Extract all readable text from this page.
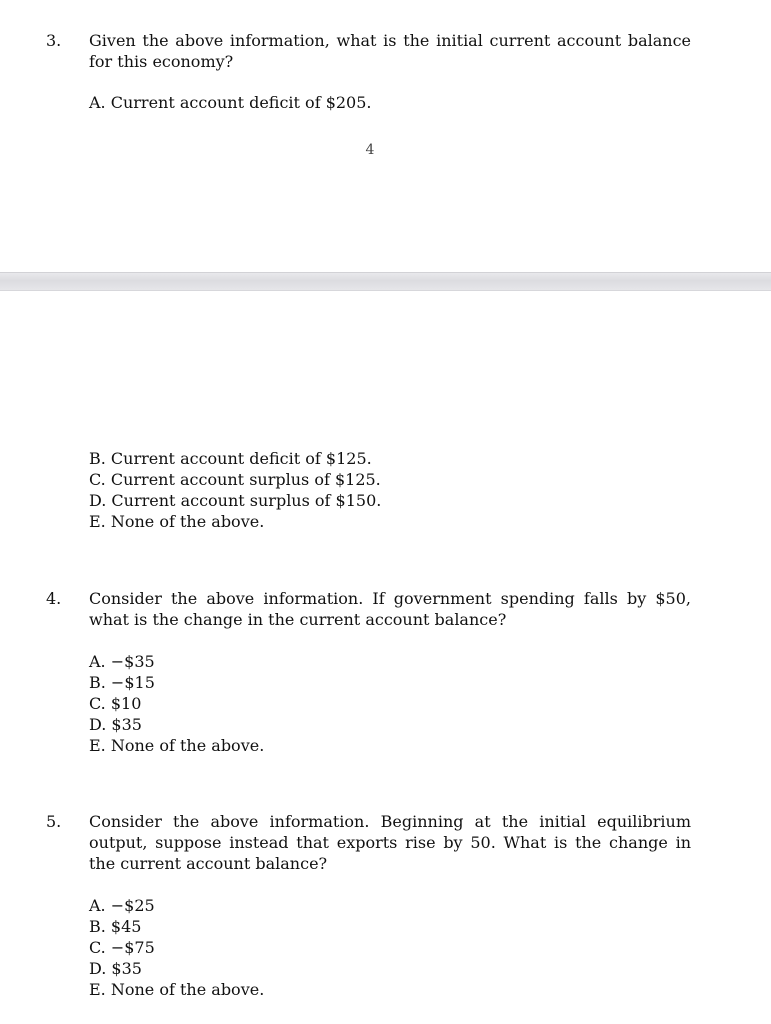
3. Given the above information, what is the initial current account balance
for this economy?
A. Current account deficit of $205.
4
B. Current account deficit of $125.
C. Current account surplus of $125.
D. Current account surplus of $150.
E. None of the above.
4. Consider the above information. If government spending falls by $50,
what is the change in the current account balance?
A. −$35
B. −$15
C. $10
D. $35
E. None of the above.
5. Consider the above information. Beginning at the initial equilibrium
output, suppose instead that exports rise by 50. What is the change in
the current account balance?
A. −$25
B. $45
C. −$75
D. $35
E. None of the above.
